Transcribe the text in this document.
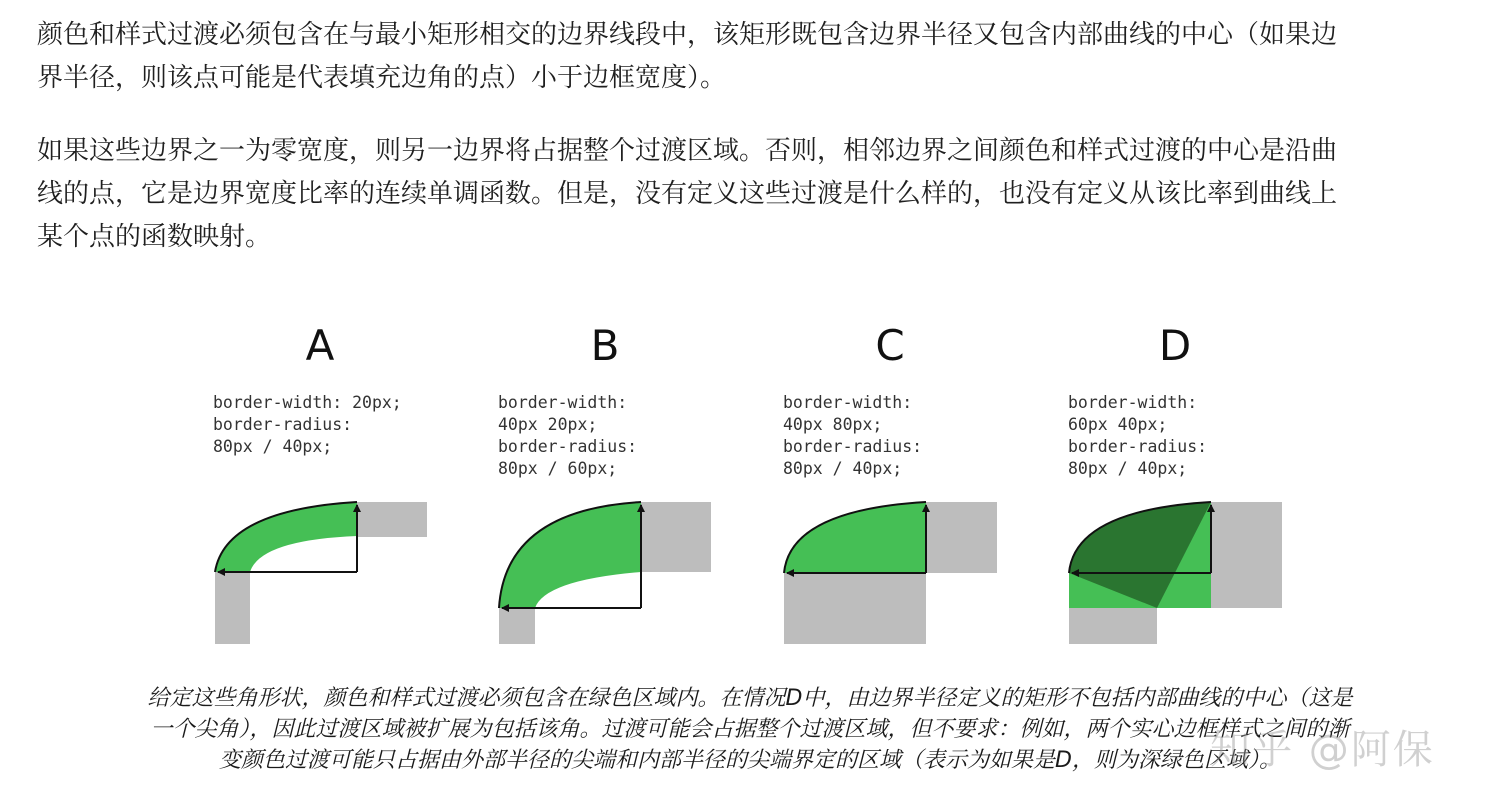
颜色和样式过渡必须包含在与最小矩形相交的边界线段中，该矩形既包含边界半径又包含内部曲线的中心（如果边
界半径，则该点可能是代表填充边角的点）小于边框宽度）。
如果这些边界之一为零宽度，则另一边界将占据整个过渡区域。否则，相邻边界之间颜色和样式过渡的中心是沿曲
线的点，它是边界宽度比率的连续单调函数。但是，没有定义这些过渡是什么样的，也没有定义从该比率到曲线上
某个点的函数映射。
A
border-width: 20px;
border-radius:
80px / 40px;
B
border-width:
40px 20px;
border-radius:
80px / 60px;
C
border-width:
40px 80px;
border-radius:
80px / 40px;
D
border-width:
60px 40px;
border-radius:
80px / 40px;
给定这些角形状，颜色和样式过渡必须包含在绿色区域内。在情况D中，由边界半径定义的矩形不包括内部曲线的中心（这是
一个尖角），因此过渡区域被扩展为包括该角。过渡可能会占据整个过渡区域，但不要求：例如，两个实心边框样式之间的渐
变颜色过渡可能只占据由外部半径的尖端和内部半径的尖端界定的区域（表示为如果是D，则为深绿色区域）。
知乎 @阿保
